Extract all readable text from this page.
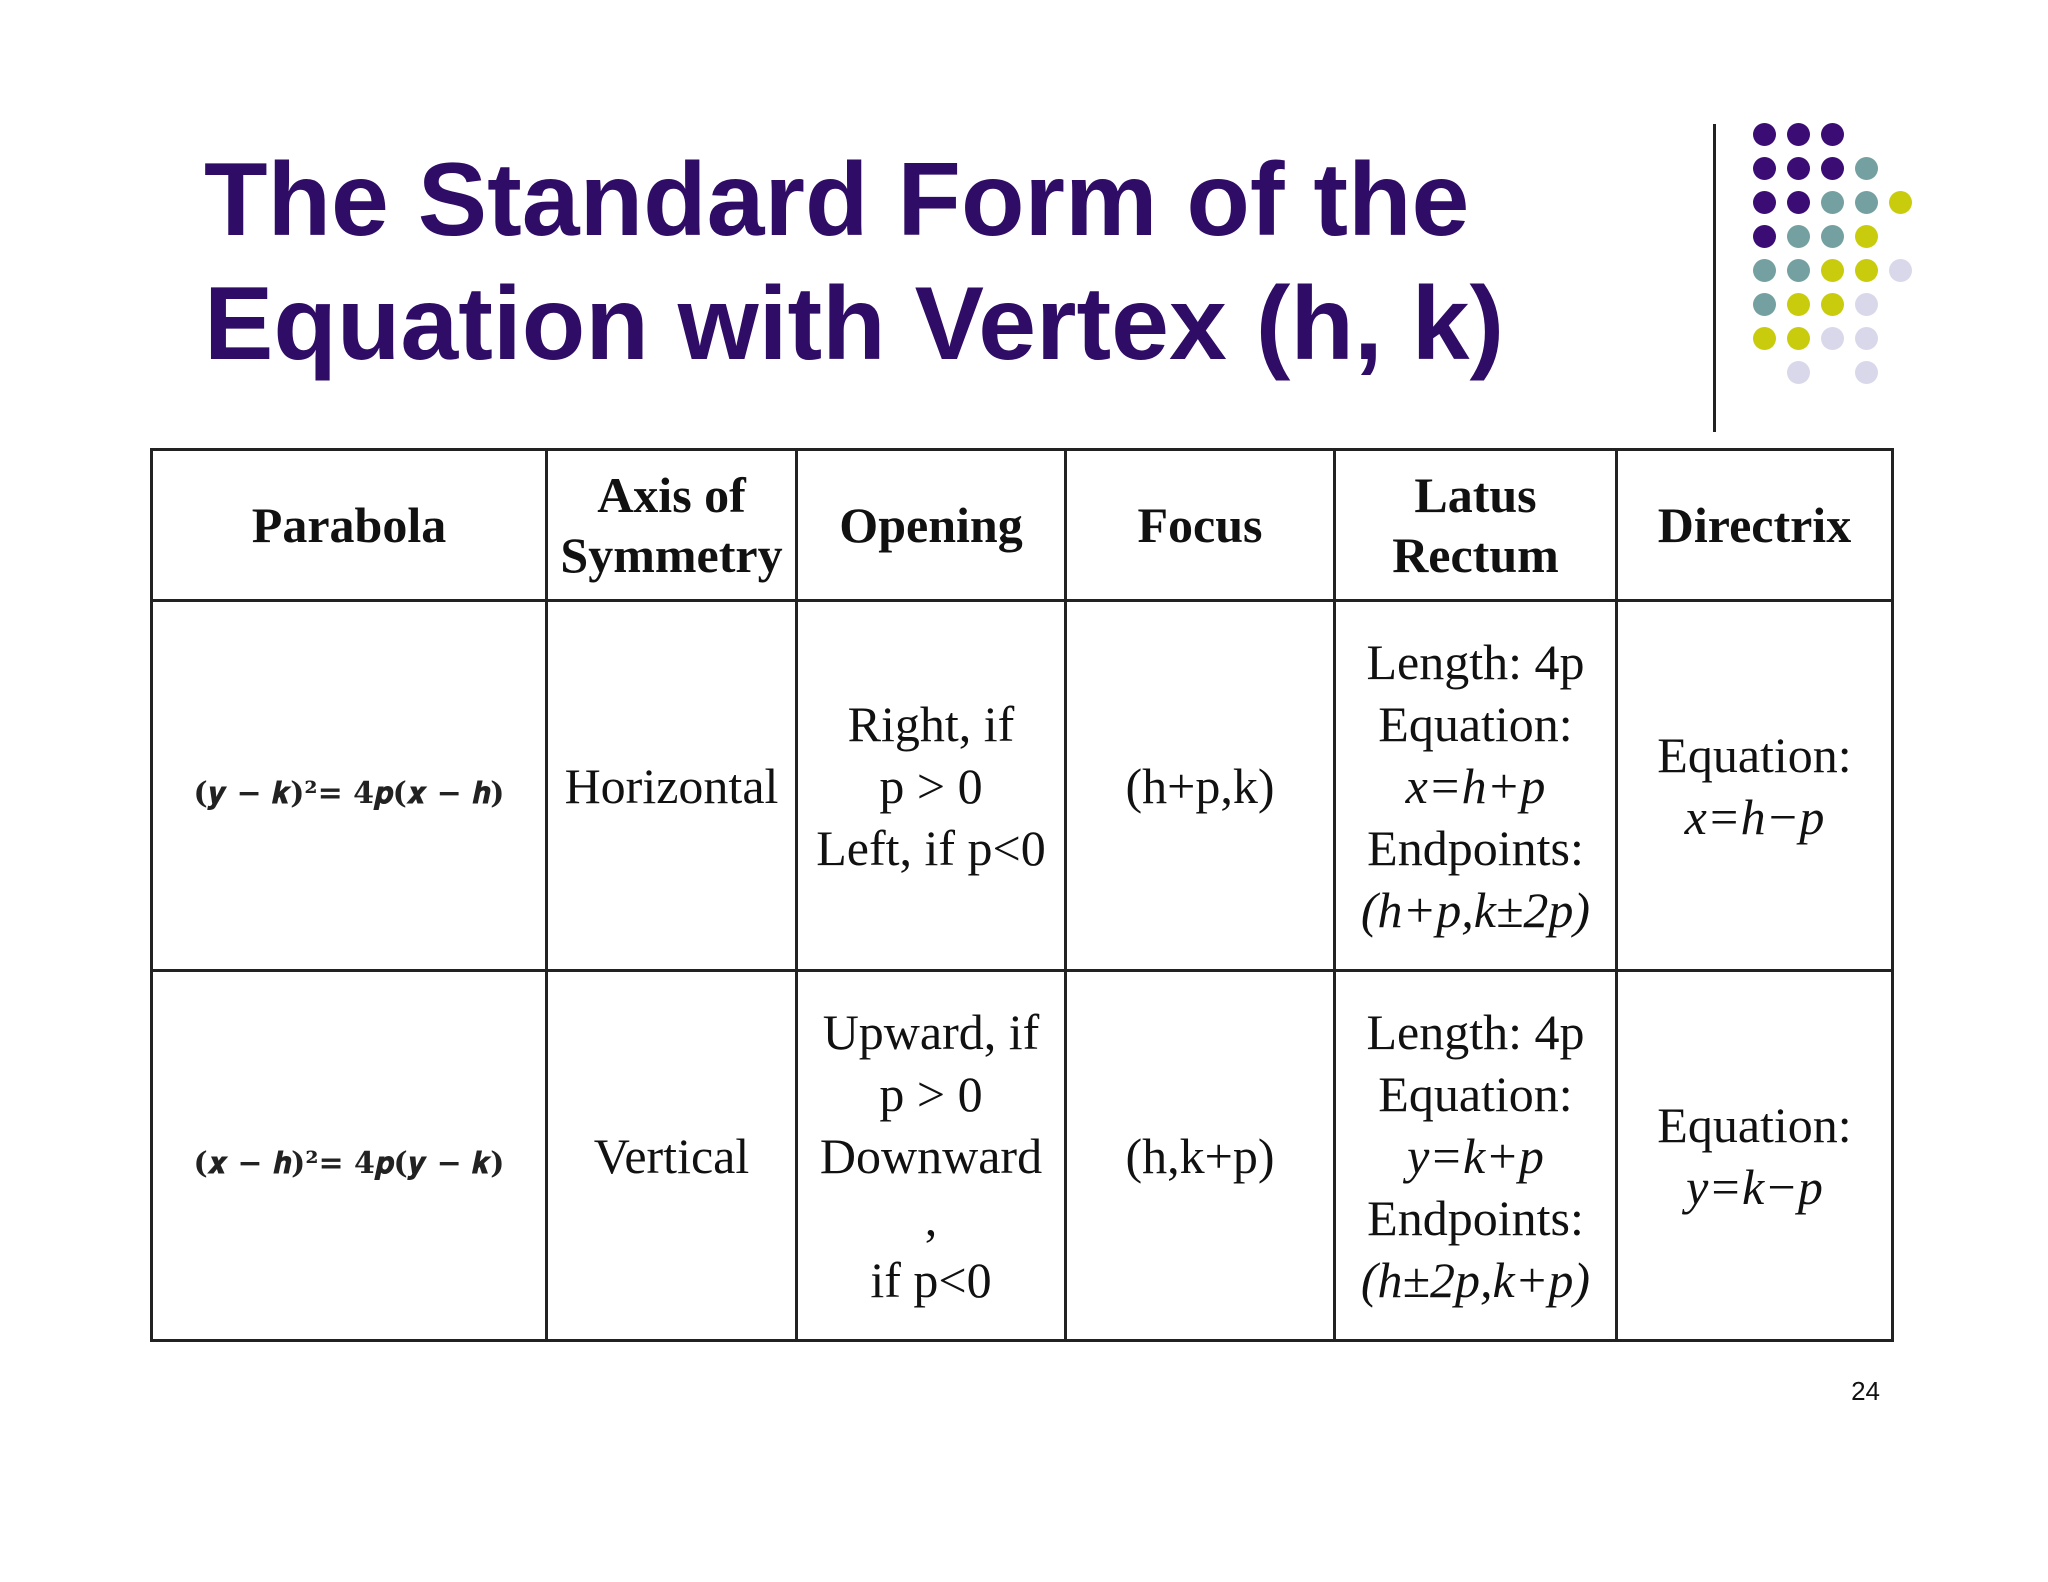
The Standard Form of the
Equation with Vertex (h, k)
Parabola	Axis of
Symmetry	Opening	Focus	Latus
Rectum	Directrix
(𝒚 − 𝒌)²= 𝟒𝒑(𝒙 − 𝒉)	Horizontal	Right, if
p > 0
Left, if p<0	(h+p,k)	Length: 4p
Equation:
x=h+p
Endpoints:
(h+p,k±2p)	Equation:
x=h−p

(𝒙 − 𝒉)²= 𝟒𝒑(𝒚 − 𝒌)	Vertical	Upward, if
p > 0
Downward
,
if p<0	(h,k+p)	Length: 4p
Equation:
y=k+p
Endpoints:
(h±2p,k+p)	Equation:
y=k−p
24
